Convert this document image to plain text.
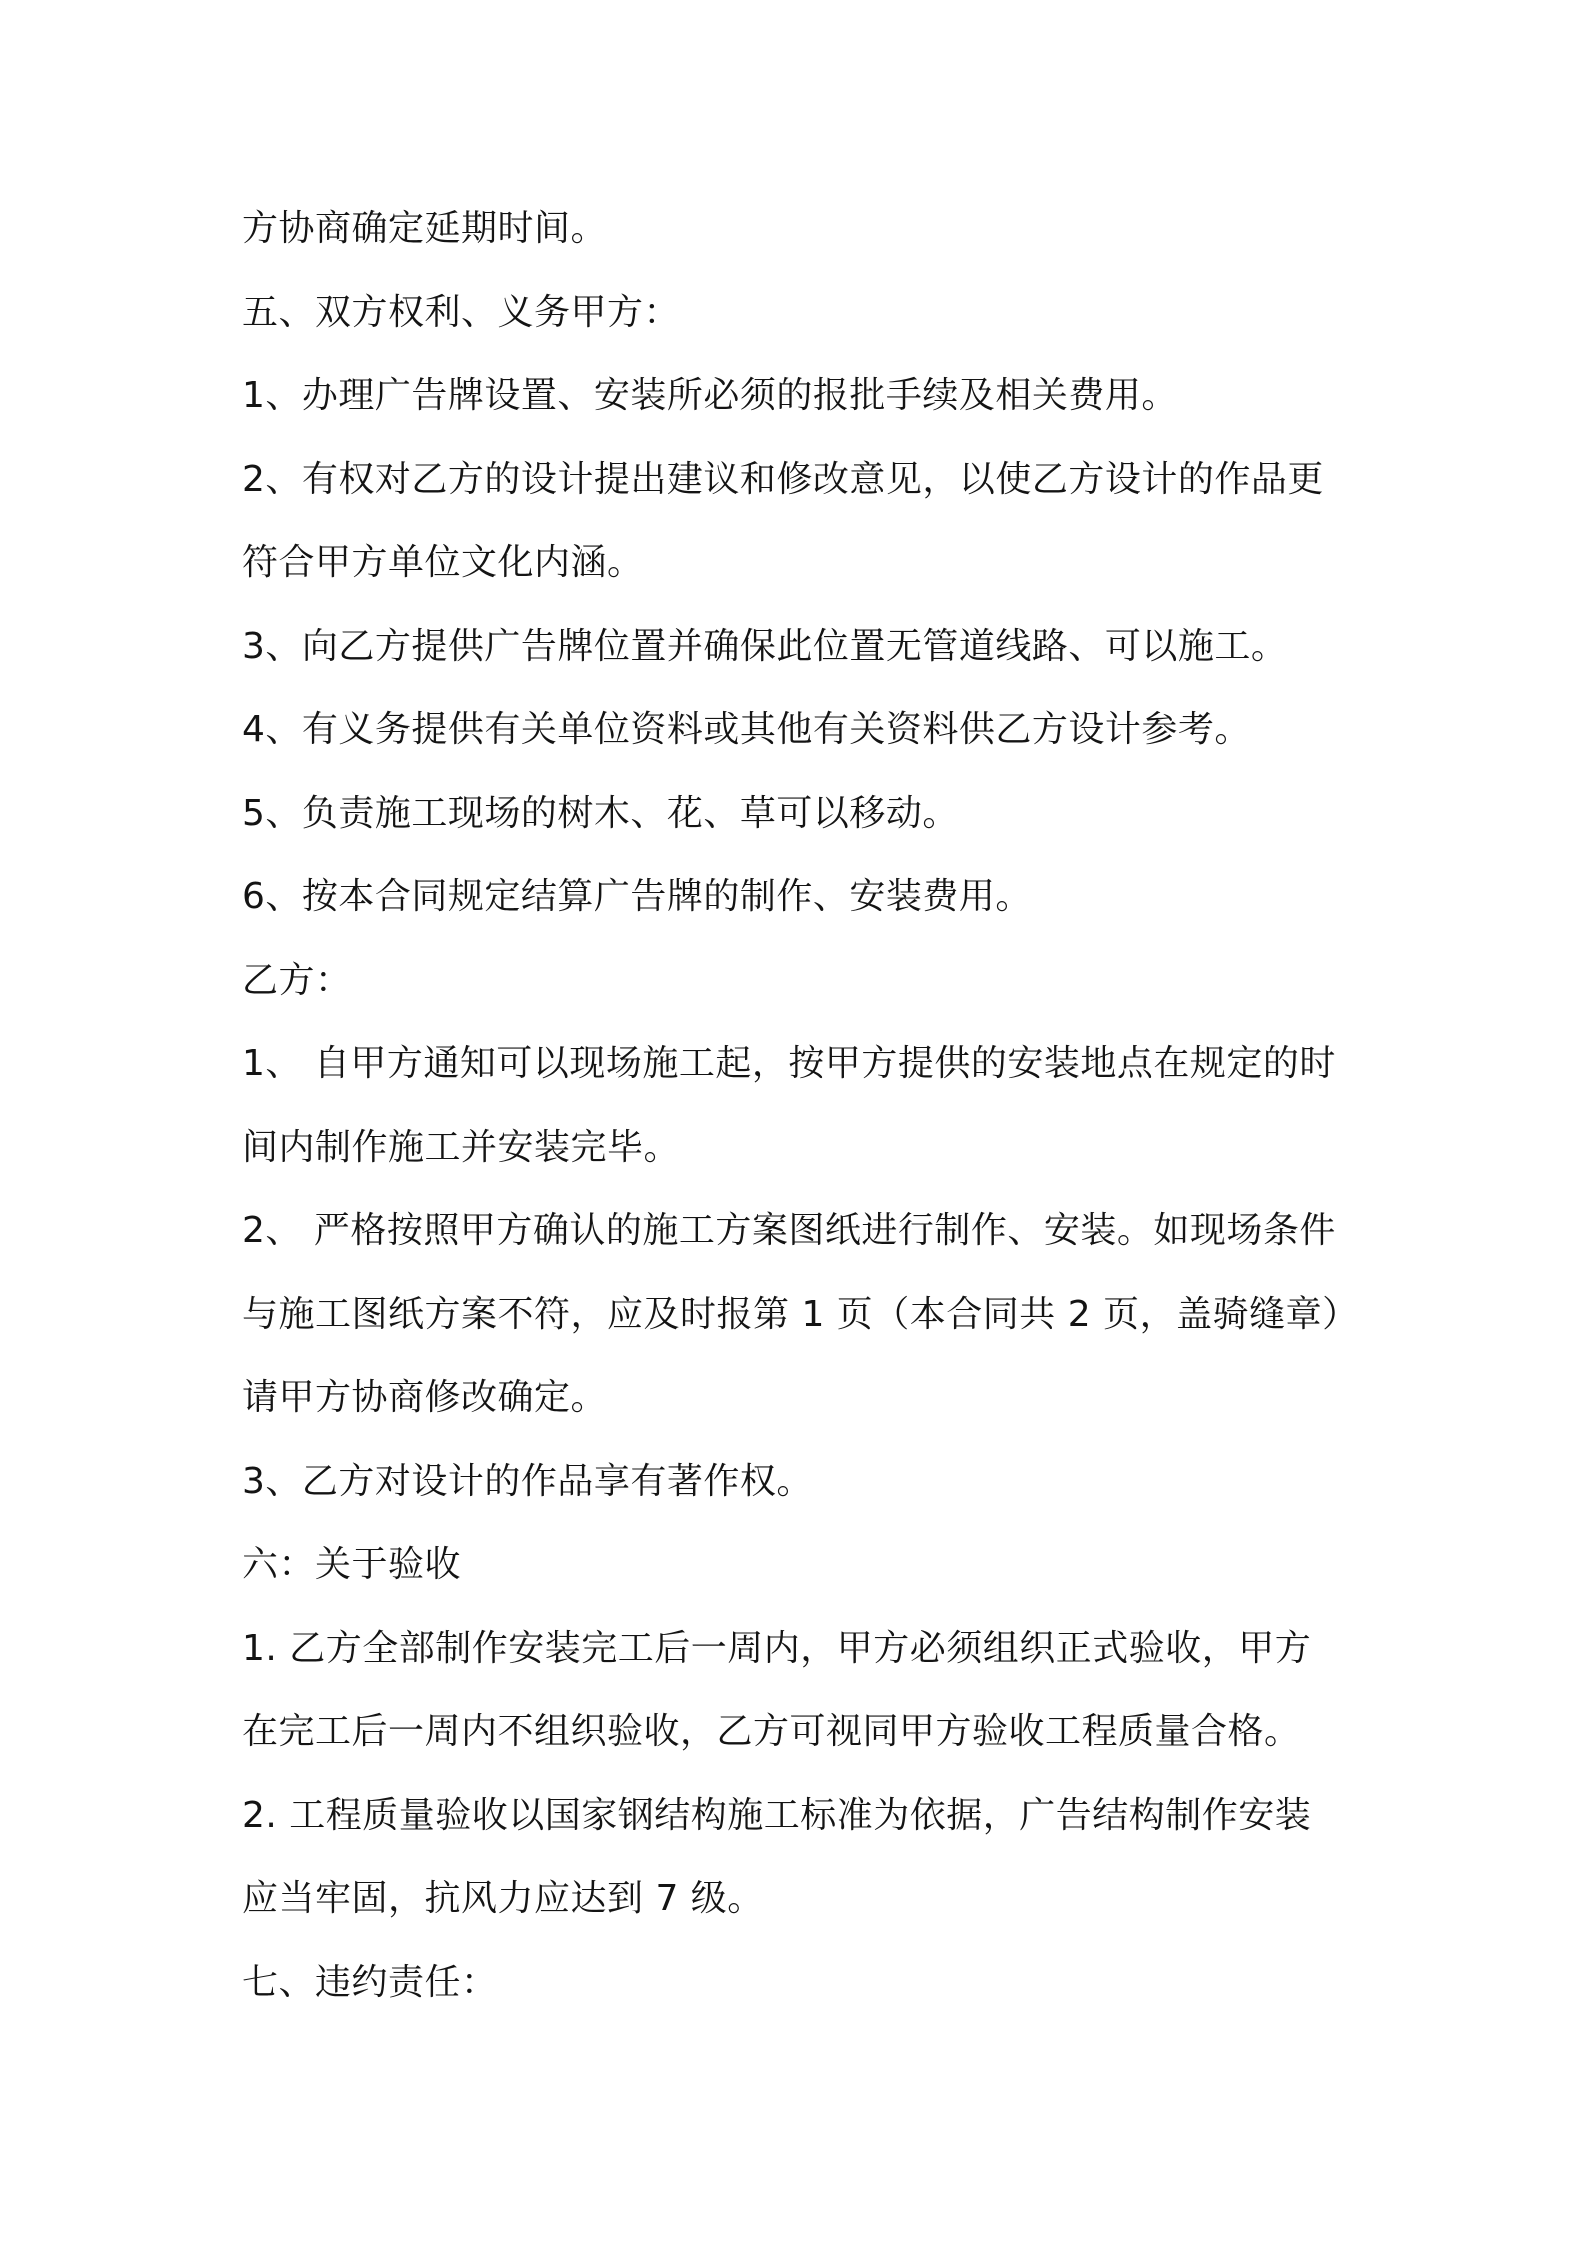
方协商确定延期时间。
五、双方权利、义务甲方：
1、办理广告牌设置、安装所必须的报批手续及相关费用。
2、有权对乙方的设计提出建议和修改意见，以使乙方设计的作品更
符合甲方单位文化内涵。
3、向乙方提供广告牌位置并确保此位置无管道线路、可以施工。
4、有义务提供有关单位资料或其他有关资料供乙方设计参考。
5、负责施工现场的树木、花、草可以移动。
6、按本合同规定结算广告牌的制作、安装费用。
乙方：
1、 自甲方通知可以现场施工起，按甲方提供的安装地点在规定的时
间内制作施工并安装完毕。
2、 严格按照甲方确认的施工方案图纸进行制作、安装。如现场条件
与施工图纸方案不符，应及时报第 1 页（本合同共 2 页，盖骑缝章）
请甲方协商修改确定。
3、乙方对设计的作品享有著作权。
六：关于验收
1. 乙方全部制作安装完工后一周内，甲方必须组织正式验收，甲方
在完工后一周内不组织验收，乙方可视同甲方验收工程质量合格。
2. 工程质量验收以国家钢结构施工标准为依据，广告结构制作安装
应当牢固，抗风力应达到 7 级。
七、违约责任：
